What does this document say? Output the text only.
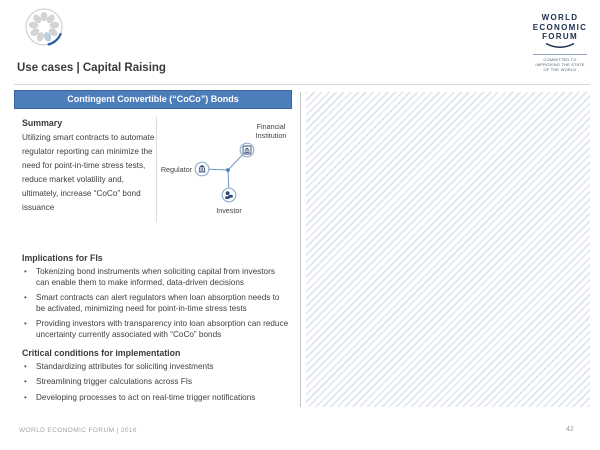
Use cases | Capital Raising
WORLD
ECONOMIC
FORUM
COMMITTED TO
IMPROVING THE STATE
OF THE WORLD
Contingent Convertible (“CoCo”) Bonds
Summary
Utilizing smart contracts to automate regulator reporting can minimize the need for point-in-time stress tests, reduce market volatility and, ultimately, increase “CoCo” bond issuance
Regulator
Financial Institution
Investor
Implications for FIs
• Tokenizing bond instruments when soliciting capital from investors can enable them to make informed, data-driven decisions
• Smart contracts can alert regulators when loan absorption needs to be activated, minimizing need for point-in-time stress tests
• Providing investors with transparency into loan absorption can reduce uncertainty currently associated with “CoCo” bonds
Critical conditions for implementation
• Standardizing attributes for soliciting investments
• Streamlining trigger calculations across FIs
• Developing processes to act on real-time trigger notifications
WORLD ECONOMIC FORUM | 2016	42
